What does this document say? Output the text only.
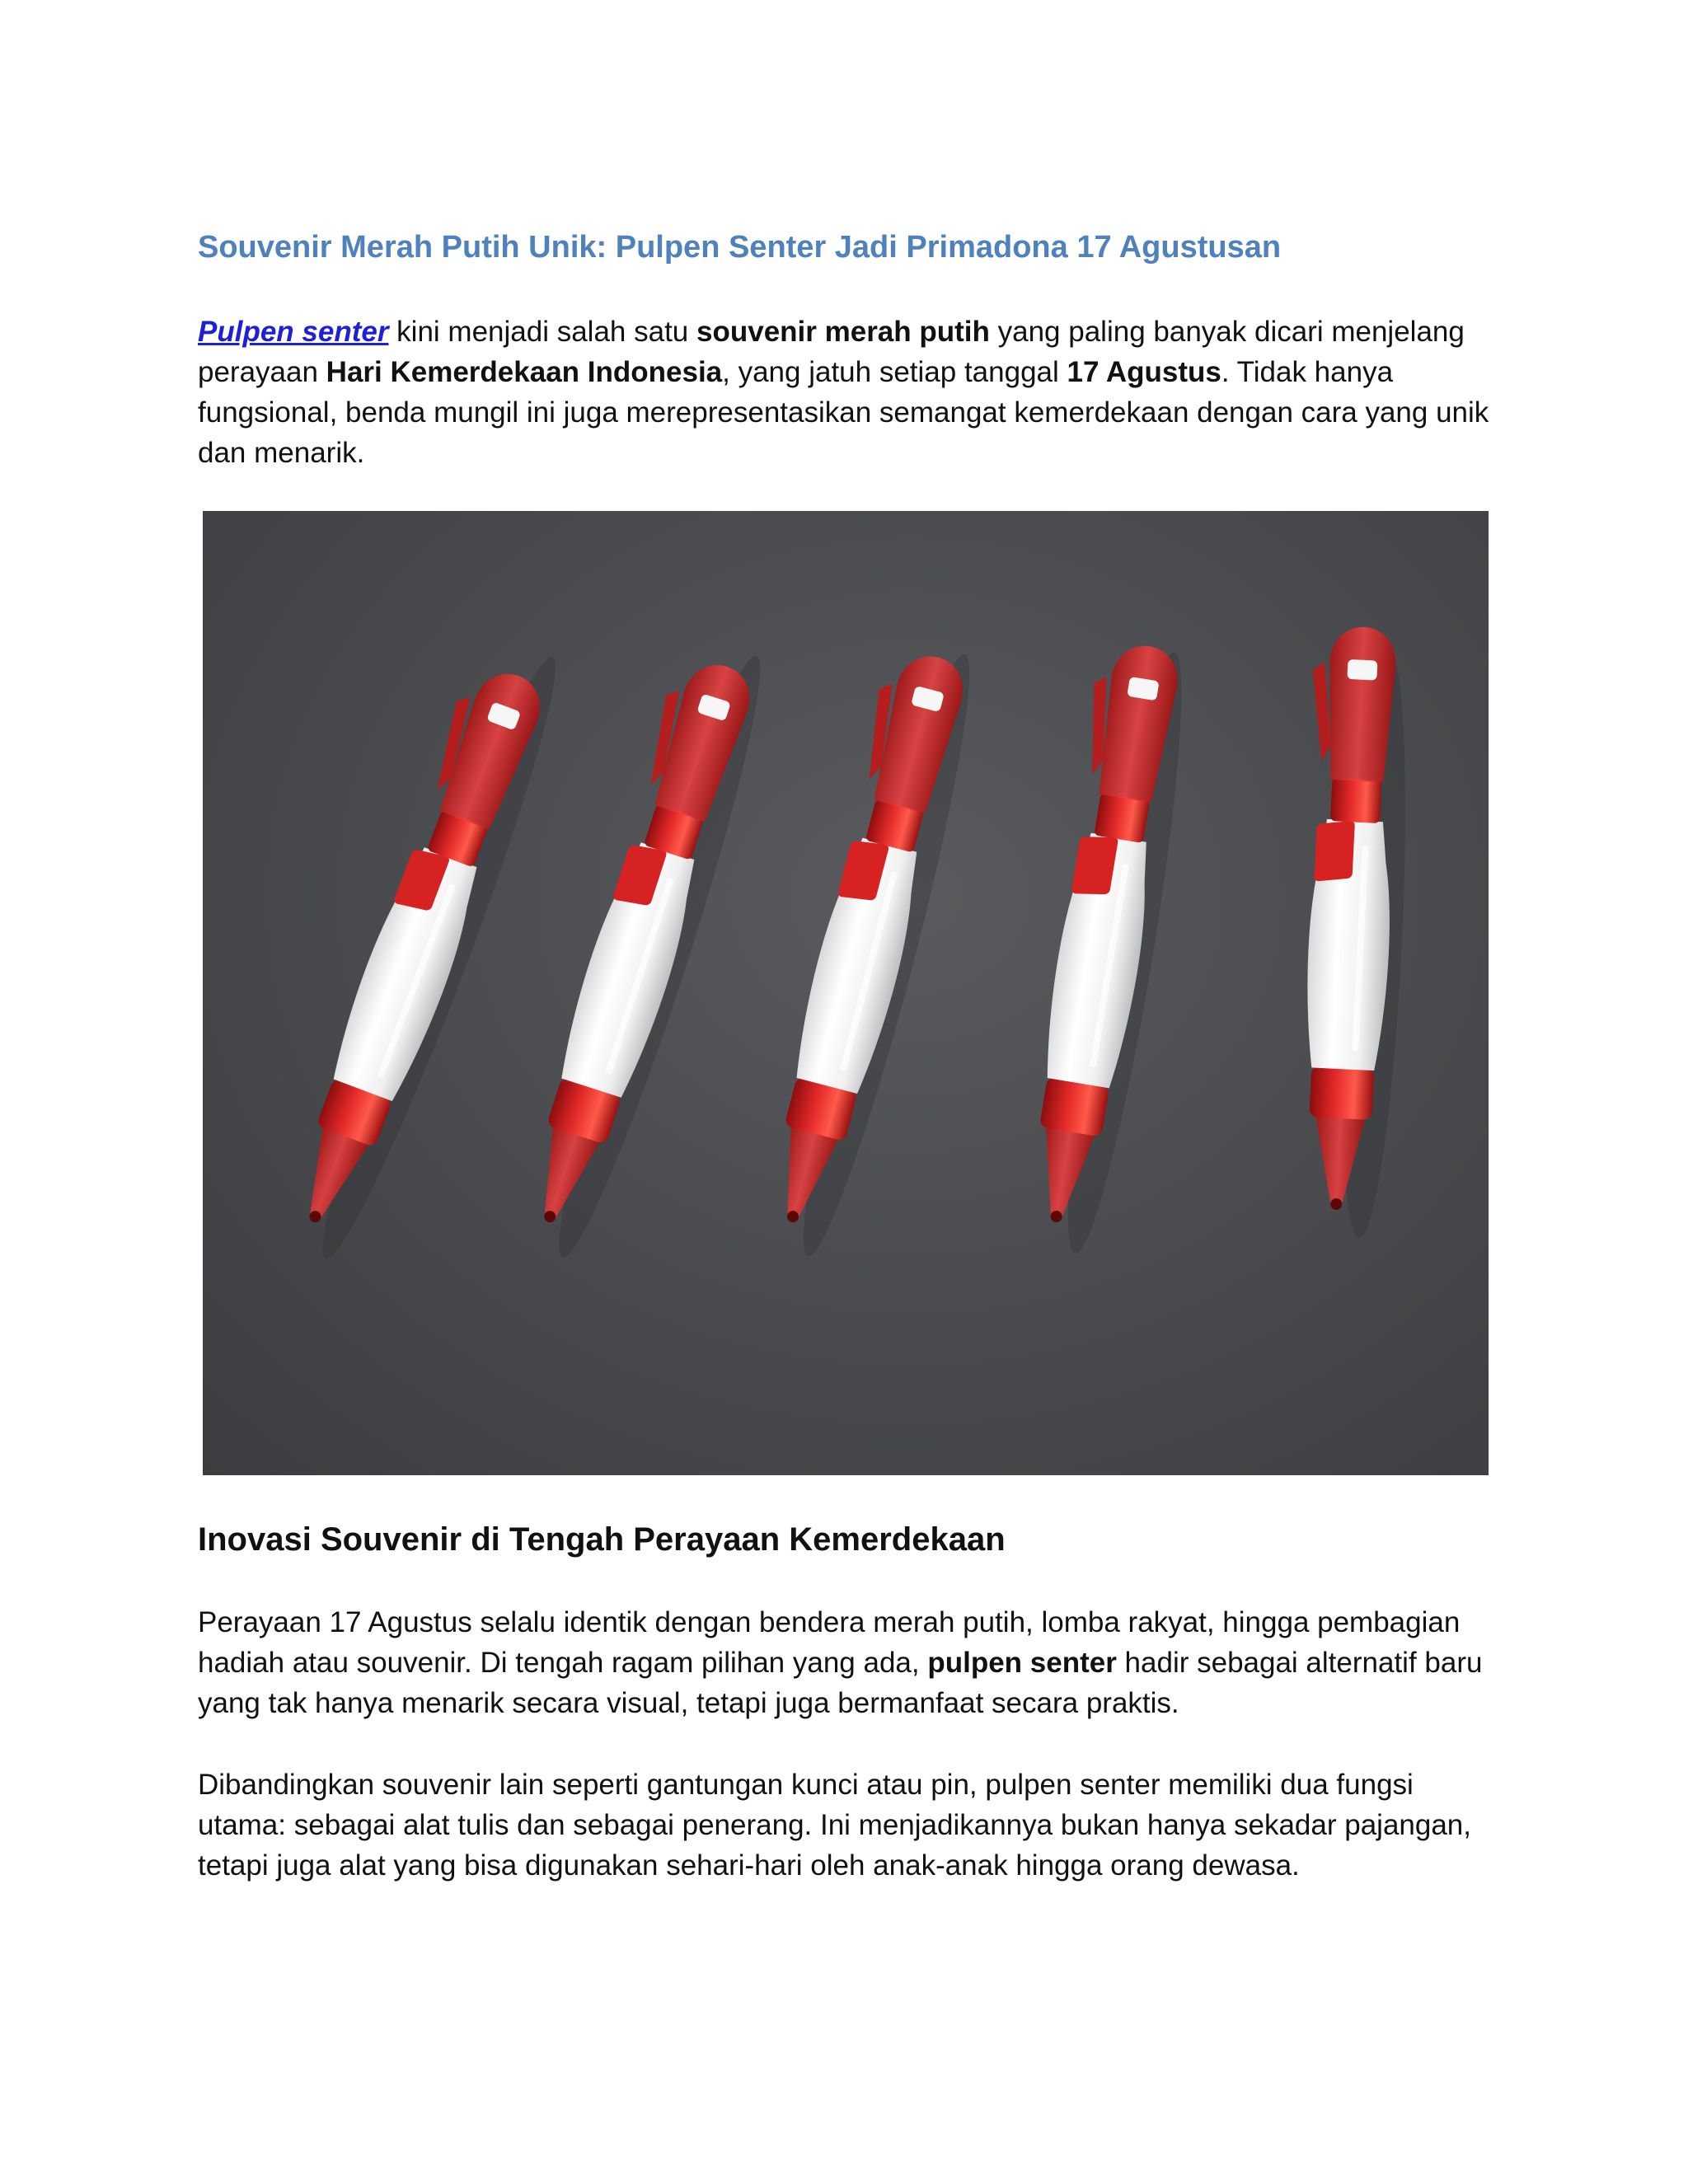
Souvenir Merah Putih Unik: Pulpen Senter Jadi Primadona 17 Agustusan

Pulpen senter kini menjadi salah satu souvenir merah putih yang paling banyak dicari menjelang perayaan Hari Kemerdekaan Indonesia, yang jatuh setiap tanggal 17 Agustus. Tidak hanya fungsional, benda mungil ini juga merepresentasikan semangat kemerdekaan dengan cara yang unik dan menarik.

Inovasi Souvenir di Tengah Perayaan Kemerdekaan

Perayaan 17 Agustus selalu identik dengan bendera merah putih, lomba rakyat, hingga pembagian hadiah atau souvenir. Di tengah ragam pilihan yang ada, pulpen senter hadir sebagai alternatif baru yang tak hanya menarik secara visual, tetapi juga bermanfaat secara praktis.

Dibandingkan souvenir lain seperti gantungan kunci atau pin, pulpen senter memiliki dua fungsi utama: sebagai alat tulis dan sebagai penerang. Ini menjadikannya bukan hanya sekadar pajangan, tetapi juga alat yang bisa digunakan sehari-hari oleh anak-anak hingga orang dewasa.
